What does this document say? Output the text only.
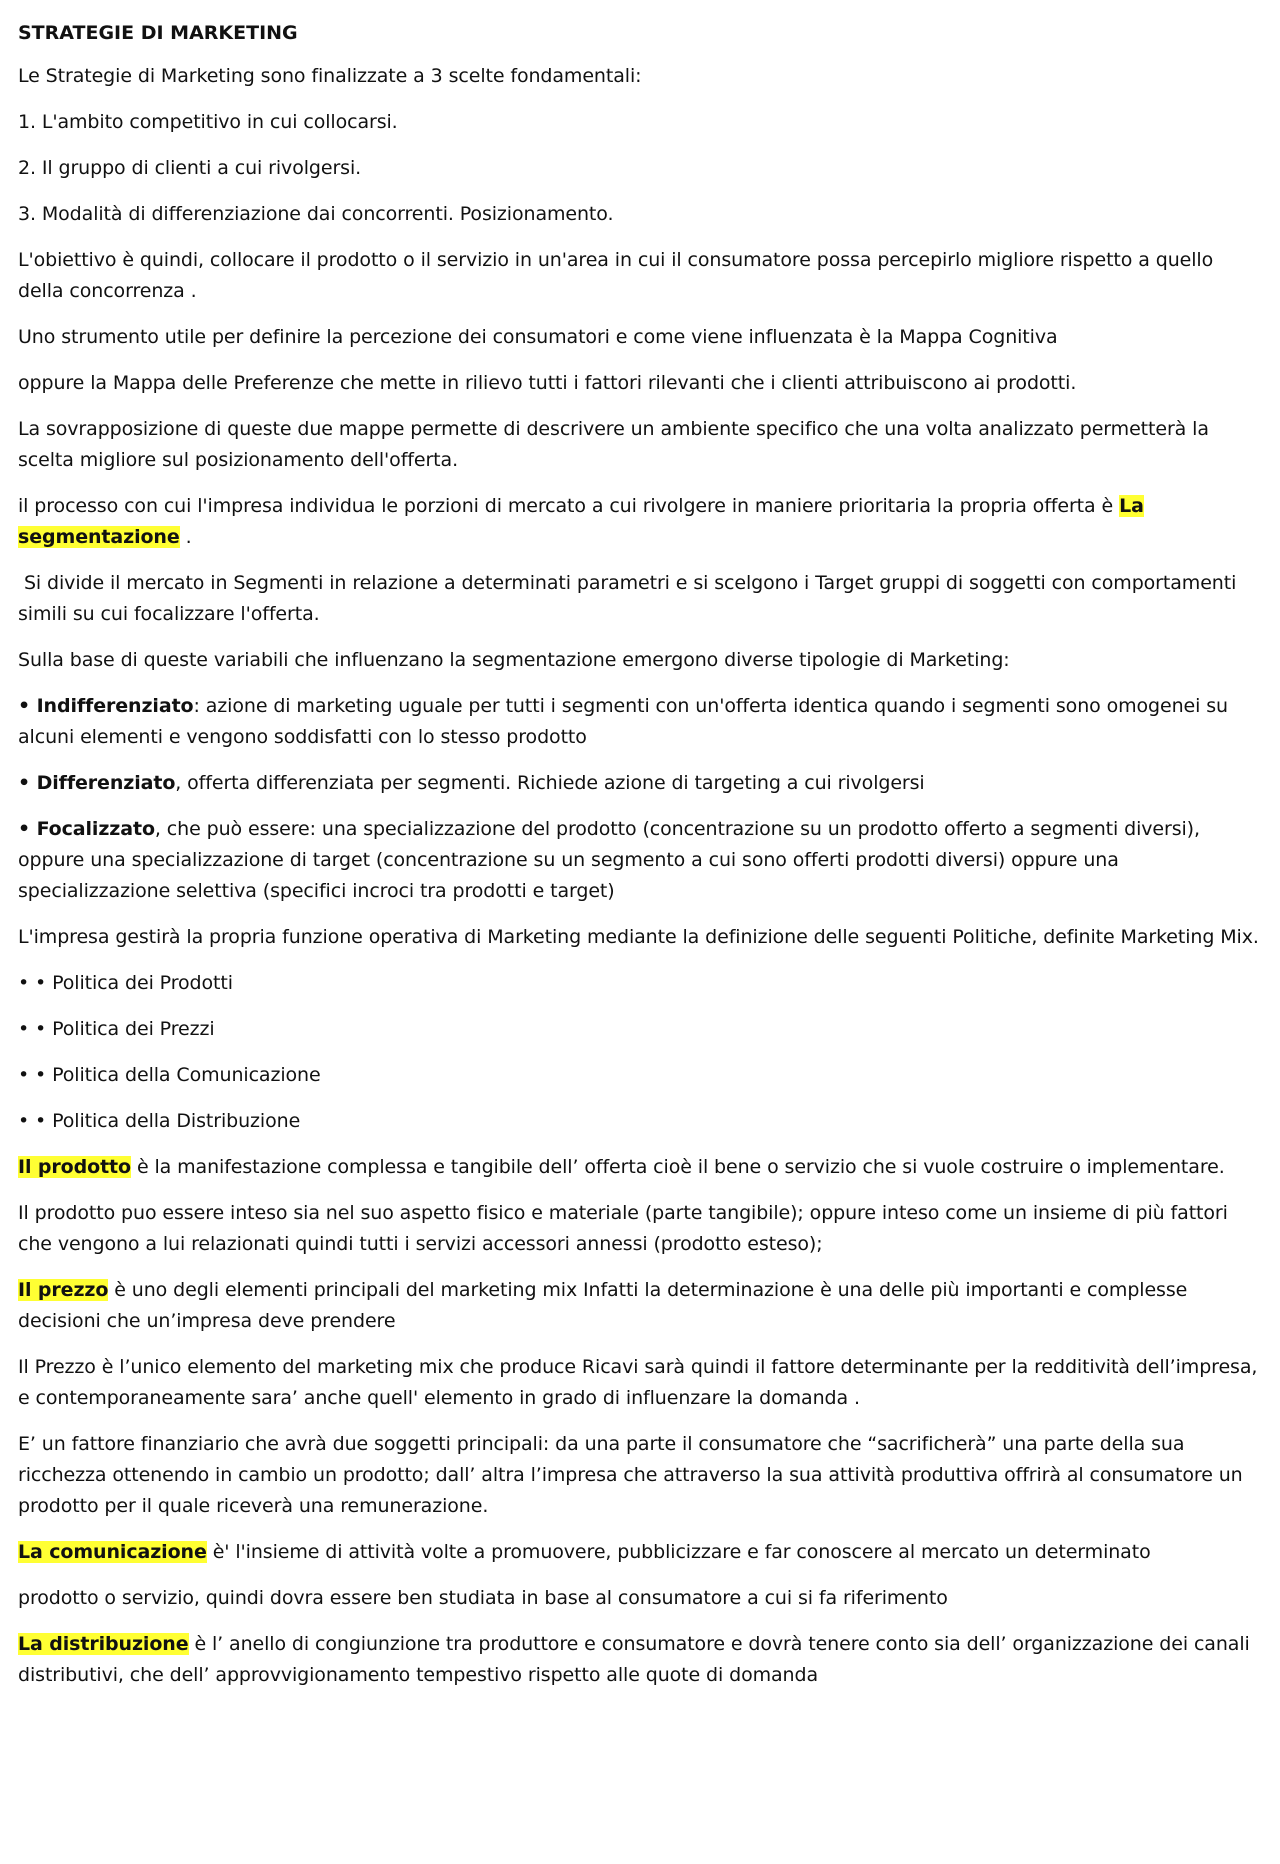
STRATEGIE DI MARKETING
Le Strategie di Marketing sono finalizzate a 3 scelte fondamentali:
1. L'ambito competitivo in cui collocarsi.
2. Il gruppo di clienti a cui rivolgersi.
3. Modalità di differenziazione dai concorrenti. Posizionamento.
L'obiettivo è quindi, collocare il prodotto o il servizio in un'area in cui il consumatore possa percepirlo migliore rispetto a quello della concorrenza .
Uno strumento utile per definire la percezione dei consumatori e come viene influenzata è la Mappa Cognitiva
oppure la Mappa delle Preferenze che mette in rilievo tutti i fattori rilevanti che i clienti attribuiscono ai prodotti.
La sovrapposizione di queste due mappe permette di descrivere un ambiente specifico che una volta analizzato permetterà la scelta migliore sul posizionamento dell'offerta.
il processo con cui l'impresa individua le porzioni di mercato a cui rivolgere in maniere prioritaria la propria offerta è La segmentazione .
Si divide il mercato in Segmenti in relazione a determinati parametri e si scelgono i Target gruppi di soggetti con comportamenti simili su cui focalizzare l'offerta.
Sulla base di queste variabili che influenzano la segmentazione emergono diverse tipologie di Marketing:
• Indifferenziato: azione di marketing uguale per tutti i segmenti con un'offerta identica quando i segmenti sono omogenei su alcuni elementi e vengono soddisfatti con lo stesso prodotto
• Differenziato, offerta differenziata per segmenti. Richiede azione di targeting a cui rivolgersi
• Focalizzato, che può essere: una specializzazione del prodotto (concentrazione su un prodotto offerto a segmenti diversi), oppure una specializzazione di target (concentrazione su un segmento a cui sono offerti prodotti diversi) oppure una specializzazione selettiva (specifici incroci tra prodotti e target)
L'impresa gestirà la propria funzione operativa di Marketing mediante la definizione delle seguenti Politiche, definite Marketing Mix.
• • Politica dei Prodotti
• • Politica dei Prezzi
• • Politica della Comunicazione
• • Politica della Distribuzione
Il prodotto è la manifestazione complessa e tangibile dell’ offerta cioè il bene o servizio che si vuole costruire o implementare.
Il prodotto puo essere inteso sia nel suo aspetto fisico e materiale (parte tangibile); oppure inteso come un insieme di più fattori che vengono a lui relazionati quindi tutti i servizi accessori annessi (prodotto esteso);
Il prezzo è uno degli elementi principali del marketing mix Infatti la determinazione è una delle più importanti e complesse decisioni che un’impresa deve prendere
Il Prezzo è l’unico elemento del marketing mix che produce Ricavi sarà quindi il fattore determinante per la redditività dell’impresa, e contemporaneamente sara’ anche quell' elemento in grado di influenzare la domanda .
E’ un fattore finanziario che avrà due soggetti principali: da una parte il consumatore che “sacrificherà” una parte della sua ricchezza ottenendo in cambio un prodotto; dall’ altra l’impresa che attraverso la sua attività produttiva offrirà al consumatore un prodotto per il quale riceverà una remunerazione.
La comunicazione è' l'insieme di attività volte a promuovere, pubblicizzare e far conoscere al mercato un determinato
prodotto o servizio, quindi dovra essere ben studiata in base al consumatore a cui si fa riferimento
La distribuzione è l’ anello di congiunzione tra produttore e consumatore e dovrà tenere conto sia dell’ organizzazione dei canali distributivi, che dell’ approvvigionamento tempestivo rispetto alle quote di domanda
